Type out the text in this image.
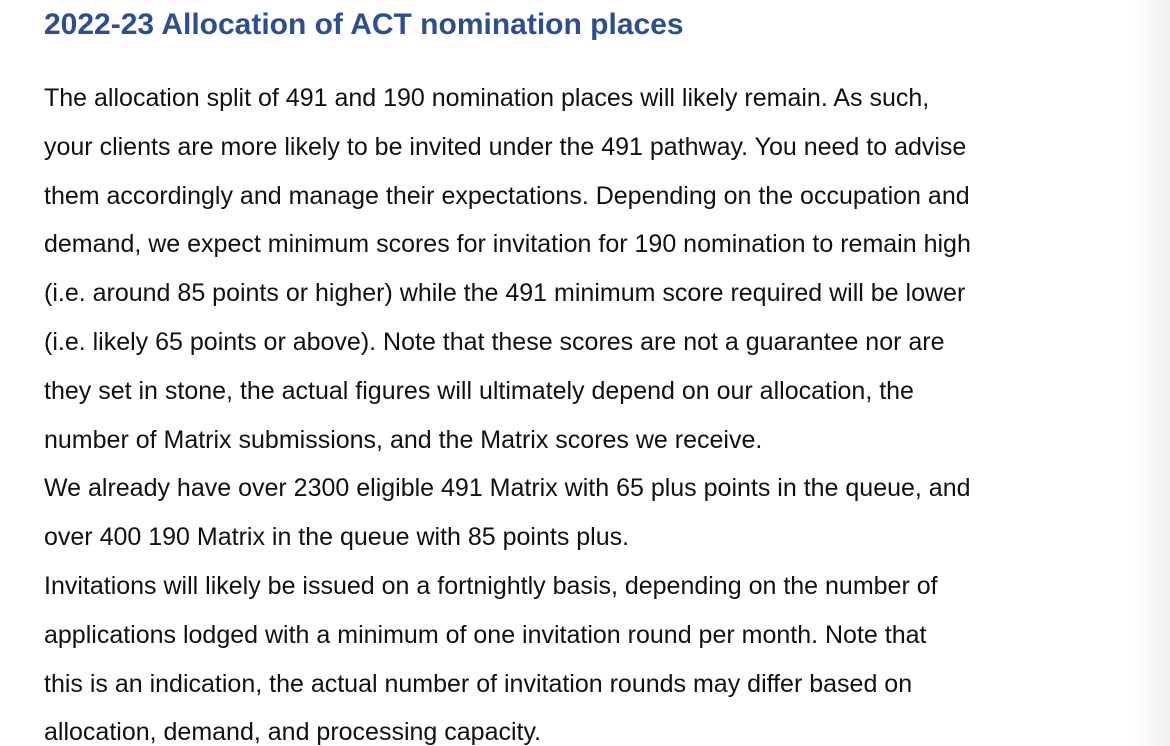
2022-23 Allocation of ACT nomination places

The allocation split of 491 and 190 nomination places will likely remain. As such,
your clients are more likely to be invited under the 491 pathway. You need to advise
them accordingly and manage their expectations. Depending on the occupation and
demand, we expect minimum scores for invitation for 190 nomination to remain high
(i.e. around 85 points or higher) while the 491 minimum score required will be lower
(i.e. likely 65 points or above). Note that these scores are not a guarantee nor are
they set in stone, the actual figures will ultimately depend on our allocation, the
number of Matrix submissions, and the Matrix scores we receive.

We already have over 2300 eligible 491 Matrix with 65 plus points in the queue, and
over 400 190 Matrix in the queue with 85 points plus.

Invitations will likely be issued on a fortnightly basis, depending on the number of
applications lodged with a minimum of one invitation round per month. Note that
this is an indication, the actual number of invitation rounds may differ based on
allocation, demand, and processing capacity.
